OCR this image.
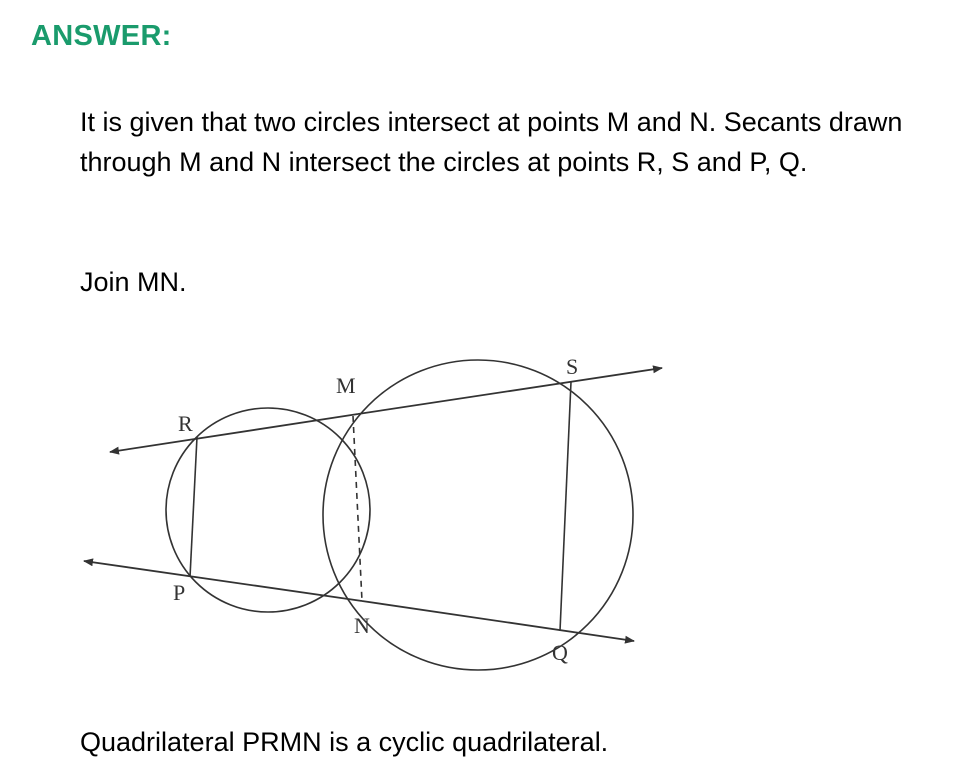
ANSWER:
It is given that two circles intersect at points M and N. Secants drawn through M and N intersect the circles at points R, S and P, Q.
Join MN.
M
R
S
P
N
Q
Quadrilateral PRMN is a cyclic quadrilateral.
